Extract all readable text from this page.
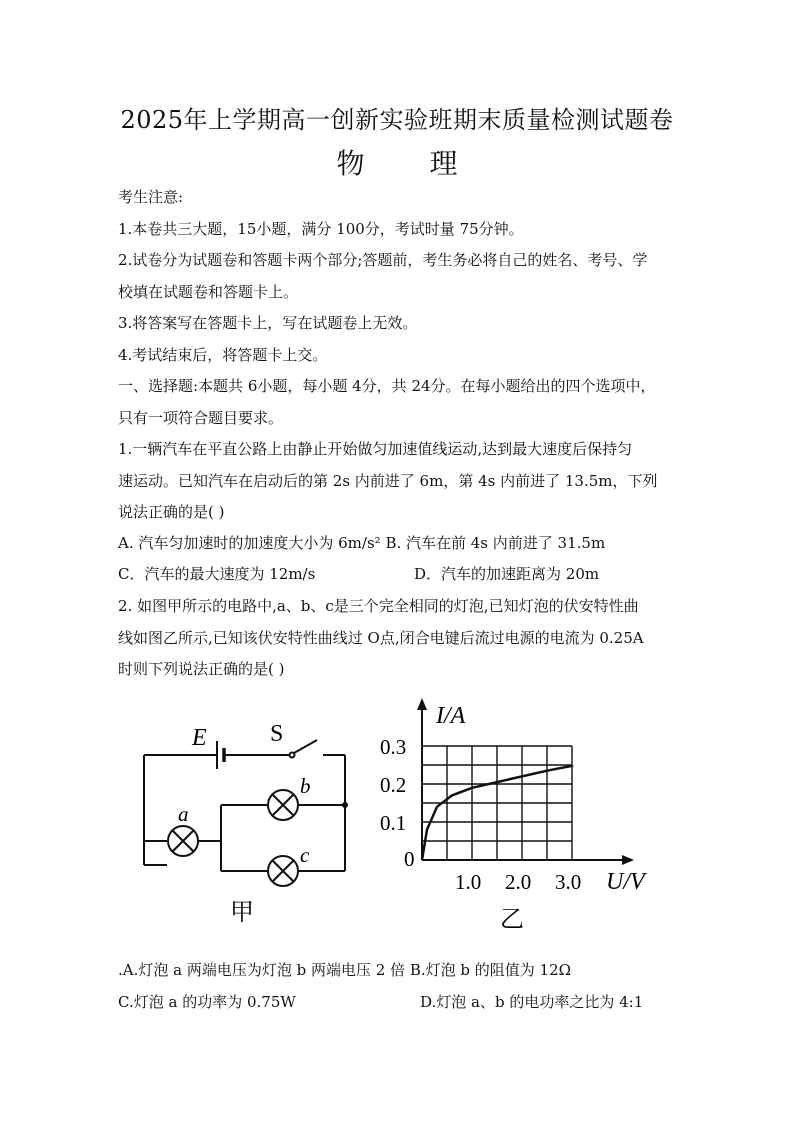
2025年上学期高一创新实验班期末质量检测试题卷
物 理
考生注意:
1.本卷共三大题，15小题，满分 100分，考试时量 75分钟。
2.试卷分为试题卷和答题卡两个部分;答题前，考生务必将自己的姓名、考号、学
校填在试题卷和答题卡上。
3.将答案写在答题卡上，写在试题卷上无效。
4.考试结束后，将答题卡上交。
一、选择题:本题共 6小题，每小题 4分，共 24分。在每小题给出的四个选项中，
只有一项符合题目要求。
1.一辆汽车在平直公路上由静止开始做匀加速值线运动,达到最大速度后保持匀
速运动。已知汽车在启动后的第 2s 内前进了 6m，第 4s 内前进了 13.5m，下列
说法正确的是( )
A. 汽车匀加速时的加速度大小为 6m/s² B. 汽车在前 4s 内前进了 31.5m
C．汽车的最大速度为 12m/s	D．汽车的加速距离为 20m
2. 如图甲所示的电路中,a、b、c是三个完全相同的灯泡,已知灯泡的伏安特性曲
线如图乙所示,已知该伏安特性曲线过 O点,闭合电键后流过电源的电流为 0.25A
时则下列说法正确的是( )
E	S
a
b
c
甲
1.0 2.0 3.0
0.1
0.2
0.3
I/A
U/V
0
乙
.A.灯泡 a 两端电压为灯泡 b 两端电压 2 倍 B.灯泡 b 的阻值为 12Ω
C.灯泡 a 的功率为 0.75W	D.灯泡 a、b 的电功率之比为 4:1
